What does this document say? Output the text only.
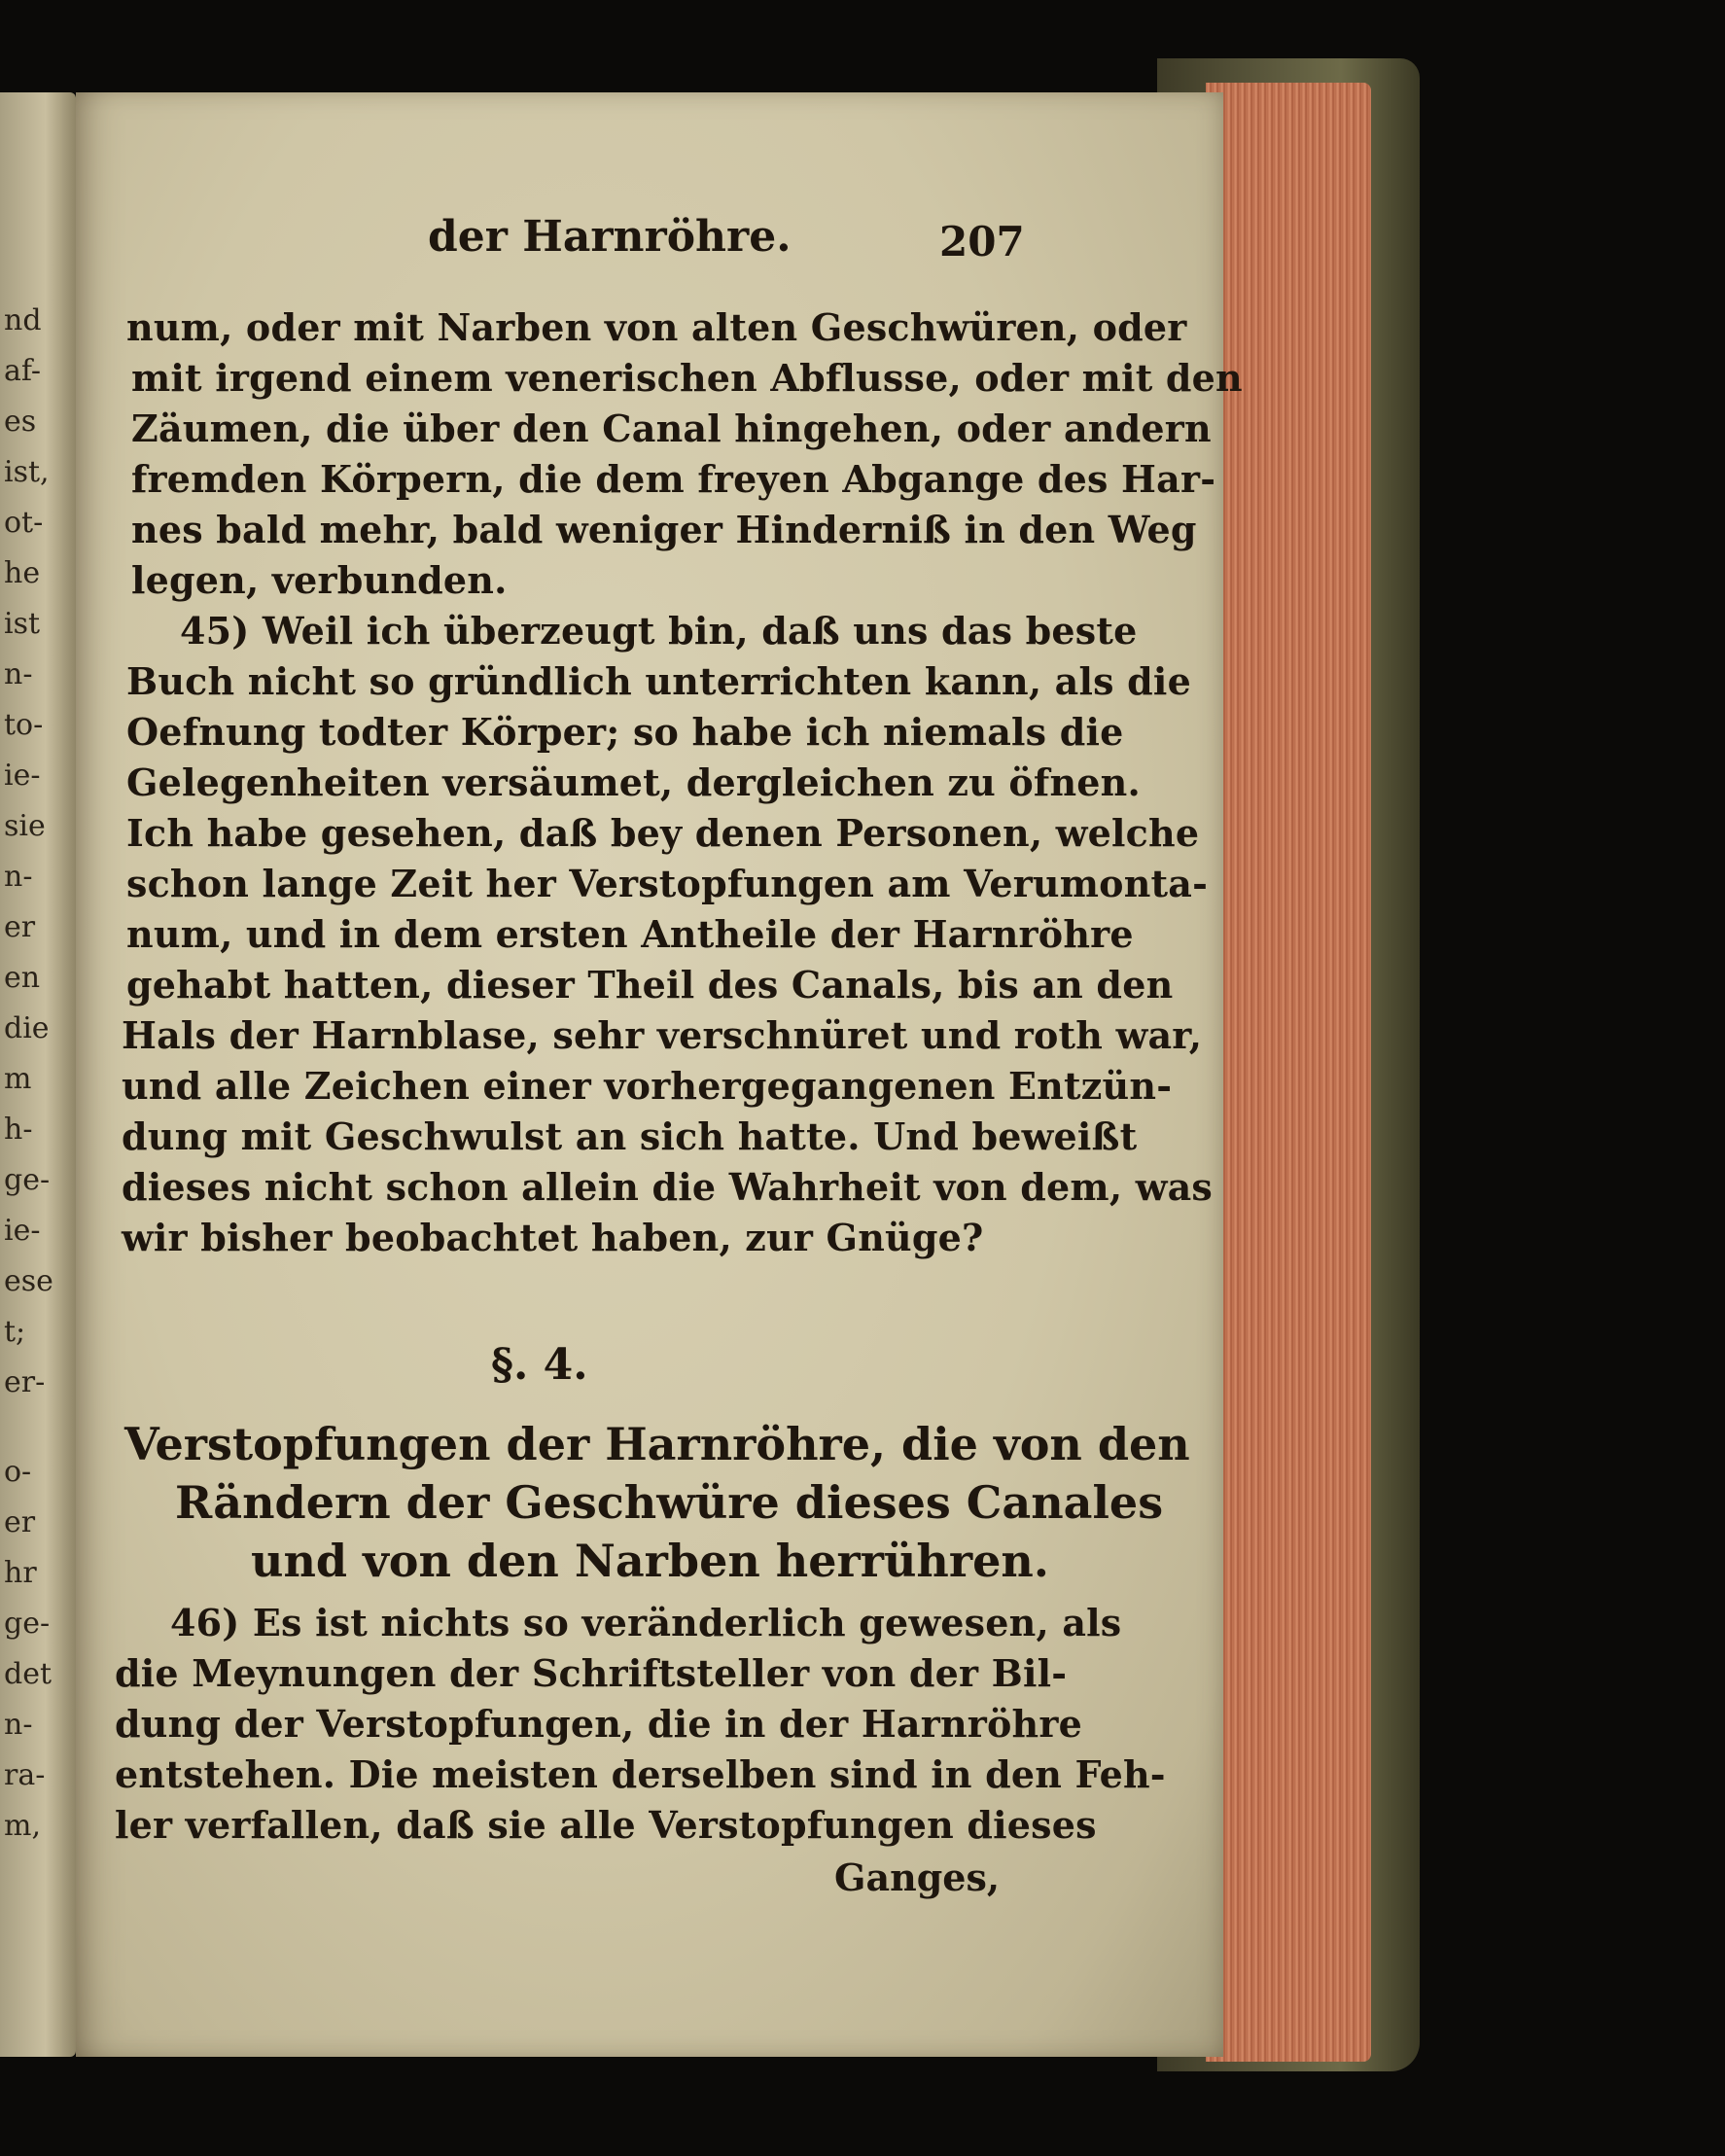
nd
af-
es
ist,
ot-
he
ist
n-
to-
ie-
sie
n-
er
en
die
m
h-
ge-
ie-
ese
t;
er-
o-
er
hr
ge-
det
n-
ra-
m,
der Harnröhre.	207
num, oder mit Narben von alten Geschwüren, oder
mit irgend einem venerischen Abflusse, oder mit den
Zäumen, die über den Canal hingehen, oder andern
fremden Körpern, die dem freyen Abgange des Har-
nes bald mehr, bald weniger Hinderniß in den Weg
legen, verbunden.
45) Weil ich überzeugt bin, daß uns das beste
Buch nicht so gründlich unterrichten kann, als die
Oefnung todter Körper; so habe ich niemals die
Gelegenheiten versäumet, dergleichen zu öfnen.
Ich habe gesehen, daß bey denen Personen, welche
schon lange Zeit her Verstopfungen am Verumonta-
num, und in dem ersten Antheile der Harnröhre
gehabt hatten, dieser Theil des Canals, bis an den
Hals der Harnblase, sehr verschnüret und roth war,
und alle Zeichen einer vorhergegangenen Entzün-
dung mit Geschwulst an sich hatte. Und beweißt
dieses nicht schon allein die Wahrheit von dem, was
wir bisher beobachtet haben, zur Gnüge?
§. 4.
Verstopfungen der Harnröhre, die von den
Rändern der Geschwüre dieses Canales
und von den Narben herrühren.
46) Es ist nichts so veränderlich gewesen, als
die Meynungen der Schriftsteller von der Bil-
dung der Verstopfungen, die in der Harnröhre
entstehen. Die meisten derselben sind in den Feh-
ler verfallen, daß sie alle Verstopfungen dieses
Ganges,
